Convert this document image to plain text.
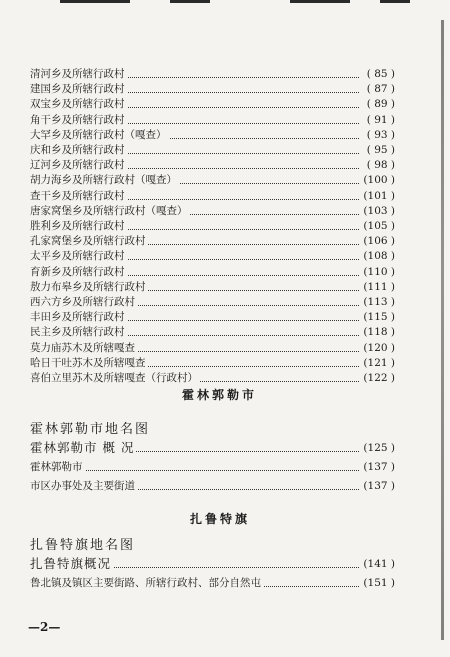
清河乡及所辖行政村	( 85 )
建国乡及所辖行政村	( 87 )
双宝乡及所辖行政村	( 89 )
角干乡及所辖行政村	( 91 )
大罕乡及所辖行政村（嘎查）	( 93 )
庆和乡及所辖行政村	( 95 )
辽河乡及所辖行政村	( 98 )
胡力海乡及所辖行政村（嘎查）	(100 )
查干乡及所辖行政村	(101 )
唐家窝堡乡及所辖行政村（嘎查）	(103 )
胜利乡及所辖行政村	(105 )
孔家窝堡乡及所辖行政村	(106 )
太平乡及所辖行政村	(108 )
育新乡及所辖行政村	(110 )
敖力布皋乡及所辖行政村	(111 )
西六方乡及所辖行政村	(113 )
丰田乡及所辖行政村	(115 )
民主乡及所辖行政村	(118 )
莫力庙苏木及所辖嘎查	(120 )
哈日干吐苏木及所辖嘎查	(121 )
喜伯立里苏木及所辖嘎查（行政村）	(122 )
霍林郭勒市
霍林郭勒市地名图
霍林郭勒市 概 况	(125 )
霍林郭勒市	(137 )
市区办事处及主要街道	(137 )
扎鲁特旗
扎鲁特旗地名图
扎鲁特旗概况	(141 )
鲁北镇及镇区主要街路、所辖行政村、部分自然屯	(151 )
—2—
